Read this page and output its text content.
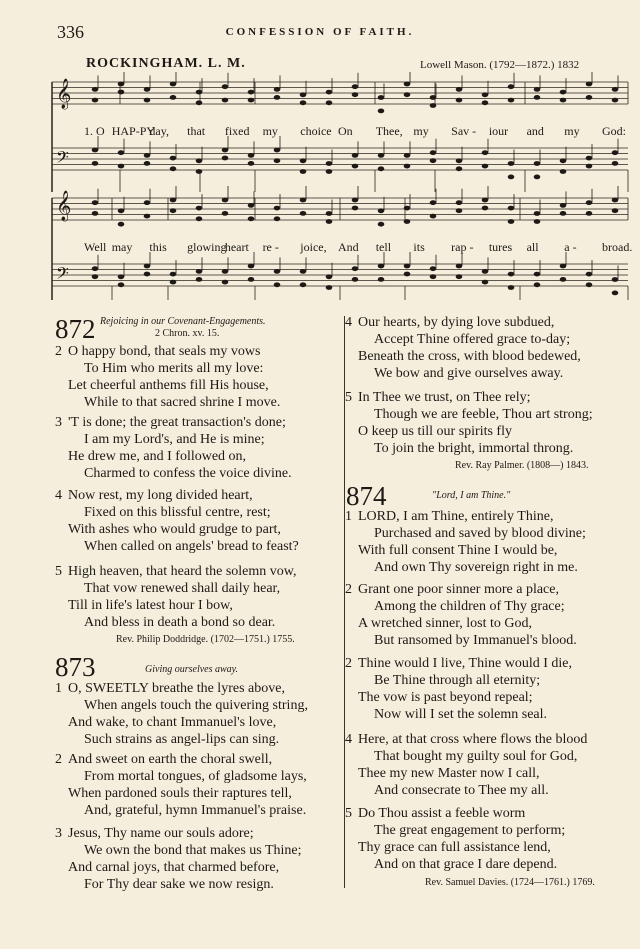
336	CONFESSION OF FAITH.
ROCKINGHAM. L. M.	Lowell Mason. (1792—1872.) 1832
𝄞
𝄞
𝄢
𝄢
1. O HAP-PY
day, that fixed my choice On Thee, my Sav - iour and my God:
Well may this glowing
heart re - joice, And tell its rap - tures all a - broad.
872 Rejoicing in our Covenant-Engagements.
2 Chron. xv. 15.
2 O happy bond, that seals my vows
To Him who merits all my love:
Let cheerful anthems fill His house,
While to that sacred shrine I move.
3 'T is done; the great transaction's done;
I am my Lord's, and He is mine;
He drew me, and I followed on,
Charmed to confess the voice divine.
4 Now rest, my long divided heart,
Fixed on this blissful centre, rest;
With ashes who would grudge to part,
When called on angels' bread to feast?
5 High heaven, that heard the solemn vow,
That vow renewed shall daily hear,
Till in life's latest hour I bow,
And bless in death a bond so dear.
Rev. Philip Doddridge. (1702—1751.) 1755.
873	Giving ourselves away.
1 O, SWEETLY breathe the lyres above,
When angels touch the quivering string,
And wake, to chant Immanuel's love,
Such strains as angel-lips can sing.
2 And sweet on earth the choral swell,
From mortal tongues, of gladsome lays,
When pardoned souls their raptures tell,
And, grateful, hymn Immanuel's praise.
3 Jesus, Thy name our souls adore;
We own the bond that makes us Thine;
And carnal joys, that charmed before,
For Thy dear sake we now resign.
4 Our hearts, by dying love subdued,
Accept Thine offered grace to-day;
Beneath the cross, with blood bedewed,
We bow and give ourselves away.
5 In Thee we trust, on Thee rely;
Though we are feeble, Thou art strong;
O keep us till our spirits fly
To join the bright, immortal throng.
Rev. Ray Palmer. (1808—) 1843.
874	"Lord, I am Thine."
1 LORD, I am Thine, entirely Thine,
Purchased and saved by blood divine;
With full consent Thine I would be,
And own Thy sovereign right in me.
2 Grant one poor sinner more a place,
Among the children of Thy grace;
A wretched sinner, lost to God,
But ransomed by Immanuel's blood.
2 Thine would I live, Thine would I die,
Be Thine through all eternity;
The vow is past beyond repeal;
Now will I set the solemn seal.
4 Here, at that cross where flows the blood
That bought my guilty soul for God,
Thee my new Master now I call,
And consecrate to Thee my all.
5 Do Thou assist a feeble worm
The great engagement to perform;
Thy grace can full assistance lend,
And on that grace I dare depend.
Rev. Samuel Davies. (1724—1761.) 1769.
